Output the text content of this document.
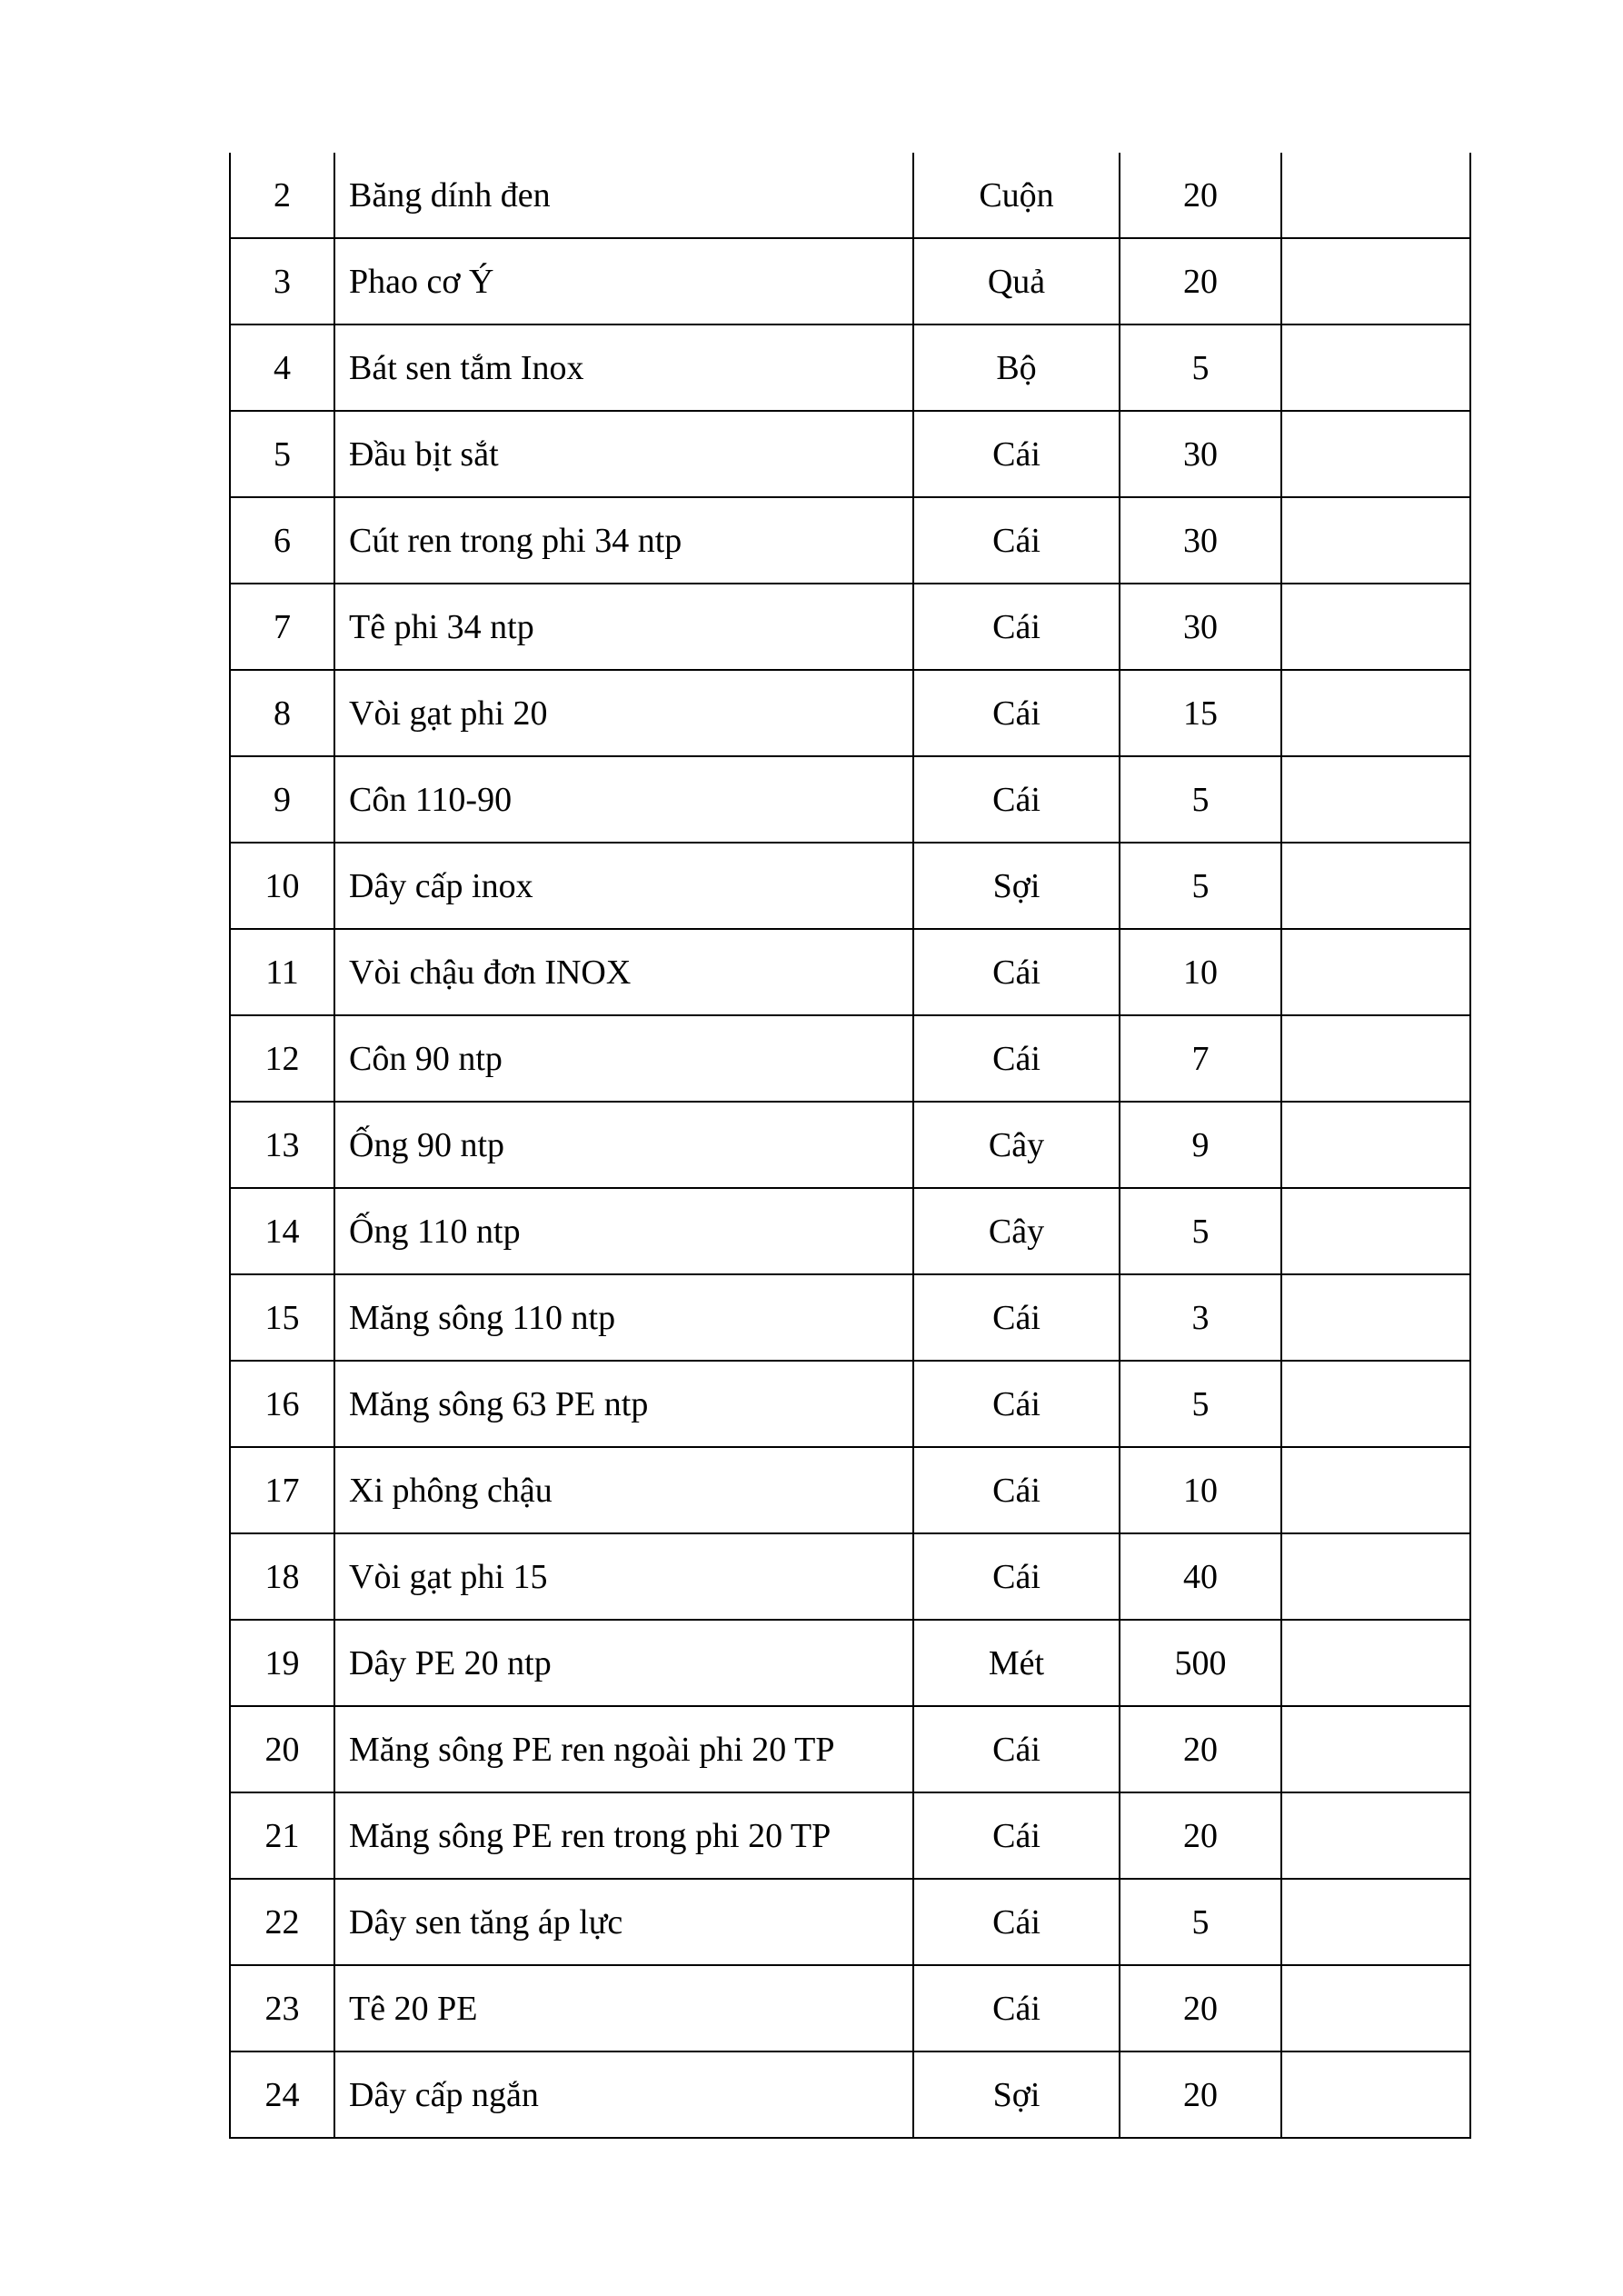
2	Băng dính đen	Cuộn	20	
3	Phao cơ Ý	Quả	20	
4	Bát sen tắm Inox	Bộ	5	
5	Đầu bịt sắt	Cái	30	
6	Cút ren trong phi 34 ntp	Cái	30	
7	Tê phi 34 ntp	Cái	30	
8	Vòi gạt phi 20	Cái	15	
9	Côn 110-90	Cái	5	
10	Dây cấp inox	Sợi	5	
11	Vòi chậu đơn INOX	Cái	10	
12	Côn 90 ntp	Cái	7	
13	Ống 90 ntp	Cây	9	
14	Ống 110 ntp	Cây	5	
15	Măng sông 110 ntp	Cái	3	
16	Măng sông 63 PE ntp	Cái	5	
17	Xi phông chậu	Cái	10	
18	Vòi gạt phi 15	Cái	40	
19	Dây PE 20 ntp	Mét	500	
20	Măng sông PE ren ngoài phi 20 TP	Cái	20	
21	Măng sông PE ren trong phi 20 TP	Cái	20	
22	Dây sen tăng áp lực	Cái	5	
23	Tê 20 PE	Cái	20	
24	Dây cấp ngắn	Sợi	20	
